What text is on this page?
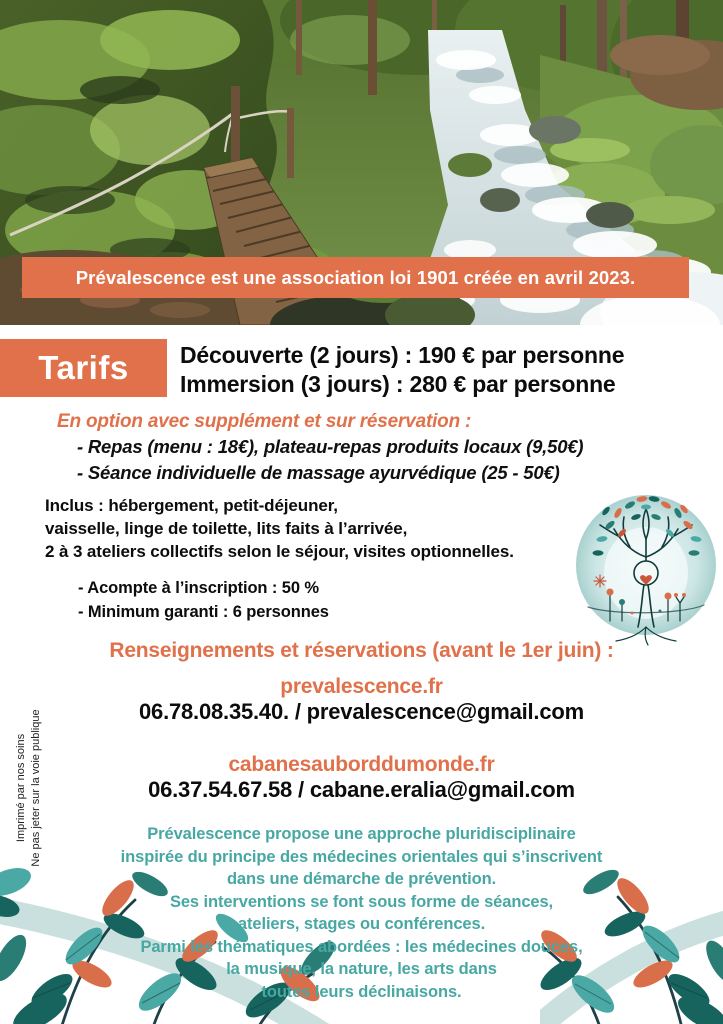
Prévalescence est une association loi 1901 créée en avril 2023.
Tarifs	Découverte (2 jours) : 190 € par personne
Immersion (3 jours) : 280 € par personne
En option avec supplément et sur réservation :
- Repas (menu : 18€), plateau-repas produits locaux (9,50€)
- Séance individuelle de massage ayurvédique (25 - 50€)
Inclus : hébergement, petit-déjeuner,
vaisselle, linge de toilette, lits faits à l’arrivée,
2 à 3 ateliers collectifs selon le séjour, visites optionnelles.
- Acompte à l’inscription : 50 %
- Minimum garanti : 6 personnes
Renseignements et réservations (avant le 1er juin) :
prevalescence.fr
06.78.08.35.40. / prevalescence@gmail.com
cabanesauborddumonde.fr
06.37.54.67.58 / cabane.eralia@gmail.com
Prévalescence propose une approche pluridisciplinaire
inspirée du principe des médecines orientales qui s’inscrivent
dans une démarche de prévention.
Ses interventions se font sous forme de séances,
ateliers, stages ou conférences.
Parmi les thématiques abordées : les médecines douces,
la musique, la nature, les arts dans
toutes leurs déclinaisons.
Imprimé par nos soins Ne pas jeter sur la voie publique
